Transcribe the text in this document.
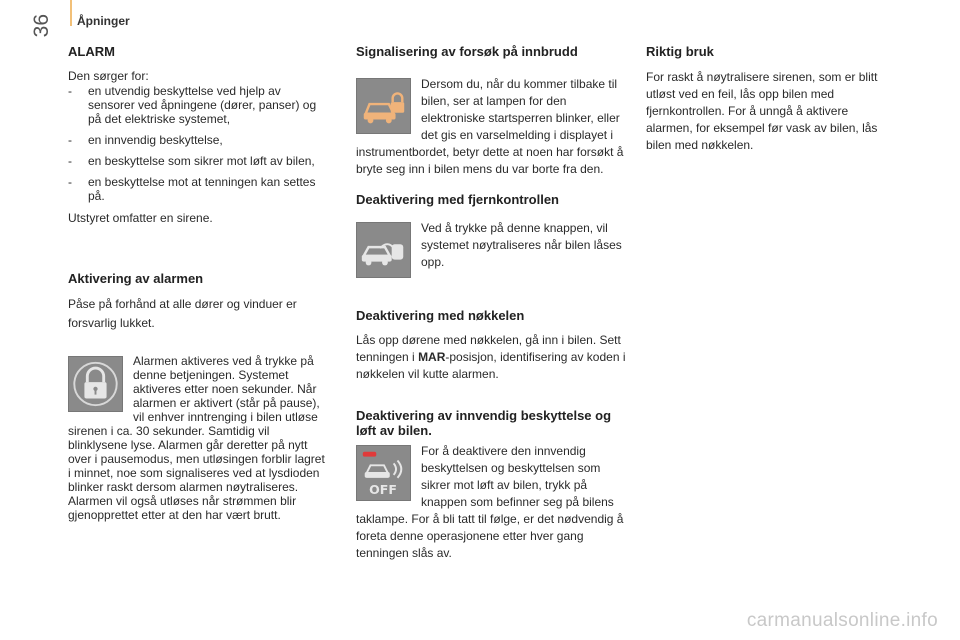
Åpninger
36
ALARM

Den sørger for:

- en utvendig beskyttelse ved hjelp av sensorer ved åpningene (dører, panser) og på det elektriske systemet,
- en innvendig beskyttelse,
- en beskyttelse som sikrer mot løft av bilen,
- en beskyttelse mot at tenningen kan settes på.

Utstyret omfatter en sirene.

Aktivering av alarmen

Påse på forhånd at alle dører og vinduer er forsvarlig lukket.

Alarmen aktiveres ved å trykke på denne betjeningen. Systemet aktiveres etter noen sekunder. Når alarmen er aktivert (står på pause), vil enhver inntrenging i bilen utløse sirenen i ca. 30 sekunder. Samtidig vil blinklysene lyse. Alarmen går deretter på nytt over i pausemodus, men utløsingen forblir lagret i minnet, noe som signaliseres ved at lysdioden blinker raskt dersom alarmen nøytraliseres. Alarmen vil også utløses når strømmen blir gjenopprettet etter at den har vært brutt.

Signalisering av forsøk på innbrudd

Dersom du, når du kommer tilbake til bilen, ser at lampen for den elektroniske startsperren blinker, eller det gis en varselmelding i displayet i instrumentbordet, betyr dette at noen har forsøkt å bryte seg inn i bilen mens du var borte fra den.

Deaktivering med fjernkontrollen

Ved å trykke på denne knappen, vil systemet nøytraliseres når bilen låses opp.

Deaktivering med nøkkelen

Lås opp dørene med nøkkelen, gå inn i bilen. Sett tenningen i MAR-posisjon, identifisering av koden i nøkkelen vil kutte alarmen.

Deaktivering av innvendig beskyttelse og løft av bilen.
OFF

For å deaktivere den innvendig beskyttelsen og beskyttelsen som sikrer mot løft av bilen, trykk på knappen som befinner seg på bilens taklampe. For å bli tatt til følge, er det nødvendig å foreta denne operasjonene etter hver gang tenningen slås av.

Riktig bruk

For raskt å nøytralisere sirenen, som er blitt utløst ved en feil, lås opp bilen med fjernkontrollen. For å unngå å aktivere alarmen, for eksempel før vask av bilen, lås bilen med nøkkelen.

carmanualsonline.info
